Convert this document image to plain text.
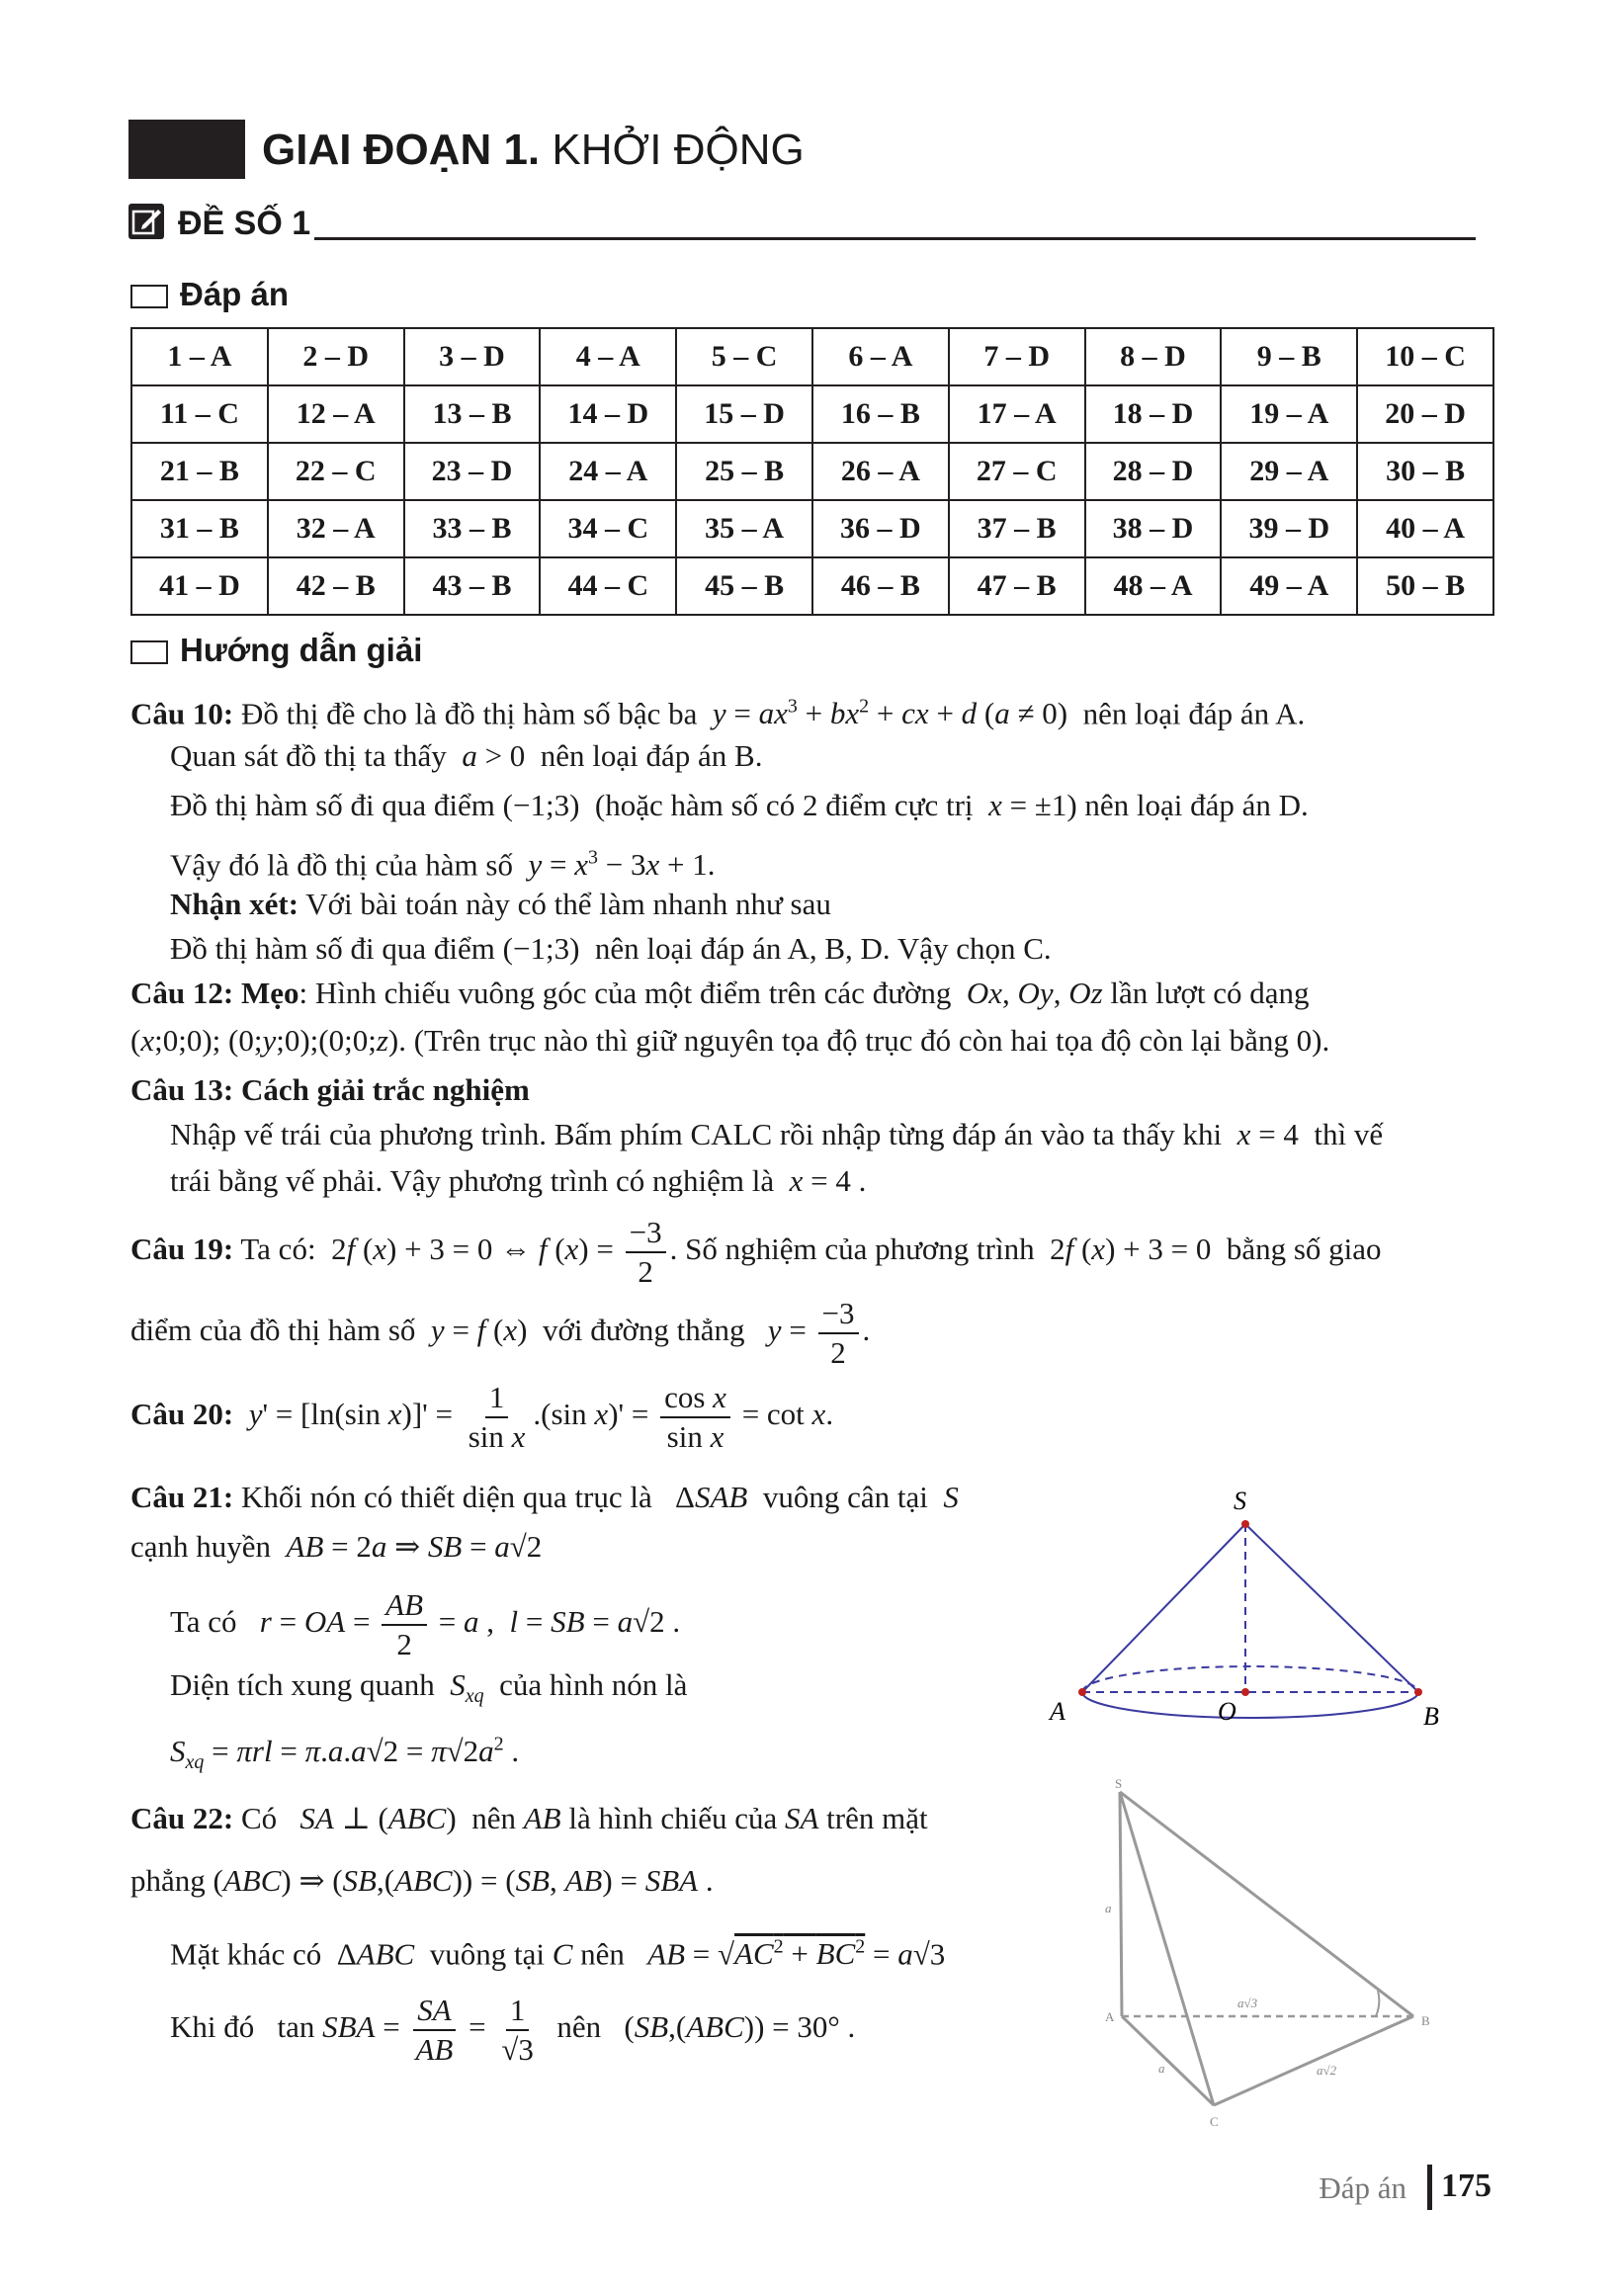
GIAI ĐOẠN 1. KHỞI ĐỘNG
ĐỀ SỐ 1
Đáp án
1 – A	2 – D	3 – D	4 – A	5 – C	6 – A	7 – D	8 – D	9 – B	10 – C
11 – C	12 – A	13 – B	14 – D	15 – D	16 – B	17 – A	18 – D	19 – A	20 – D
21 – B	22 – C	23 – D	24 – A	25 – B	26 – A	27 – C	28 – D	29 – A	30 – B
31 – B	32 – A	33 – B	34 – C	35 – A	36 – D	37 – B	38 – D	39 – D	40 – A
41 – D	42 – B	43 – B	44 – C	45 – B	46 – B	47 – B	48 – A	49 – A	50 – B
Hướng dẫn giải
Câu 10: Đồ thị đề cho là đồ thị hàm số bậc ba $y = ax^3 + bx^2$ + cx + d (a ≠ 0)  nên loại đáp án A.
Quan sát đồ thị ta thấy a > 0  nên loại đáp án B.
Đồ thị hàm số đi qua điểm (−1;3)  (hoặc hàm số có 2 điểm cực trị x = ±1) nên loại đáp án D.
Vậy đó là đồ thị của hàm số $y = x^3 - 3x + 1$.
Nhận xét: Với bài toán này có thể làm nhanh như sau
Đồ thị hàm số đi qua điểm (−1;3)  nên loại đáp án A, B, D. Vậy chọn C.
Câu 12: Mẹo: Hình chiếu vuông góc của một điểm trên các đường Ox, Oy, Oz lần lượt có dạng
(x;0;0); (0;y;0);(0;0;z). (Trên trục nào thì giữ nguyên tọa độ trục đó còn hai tọa độ còn lại bằng 0).
Câu 13: Cách giải trắc nghiệm
Nhập vế trái của phương trình. Bấm phím CALC rồi nhập từng đáp án vào ta thấy khi x = 4  thì vế
trái bằng vế phải. Vậy phương trình có nghiệm là x = 4 .
Câu 19: Ta có:  2f (x) + 3 = 0 ⇔ f $(x) = \frac{-3}{2}$ . Số nghiệm của phương trình  2f (x) + 3 = 0  bằng số giao
điểm của đồ thị hàm số y = f (x)  với đường thẳng $y = \frac{-3}{2}$ .
Câu 20: y' = [ln(sin $x)]' = \frac{1}{\text{sin x}} .(\sin$ $x)' = \frac{\text{cos x}}{\text{sin x}} = \cot x$.
Câu 21: Khối nón có thiết diện qua trục là   ΔSAB vuông cân tại S
cạnh huyền AB = 2a ⇒ SB = a√2
Ta có r = OA = $\frac{AB}{2} = a$ ,  l = SB = a√2 .
Diện tích xung quanh $S_{xq}$ của hình nón là
$S_{xq} = \pi rl = \pi.a.a√2 = \pi√2a^2$ .
S
A	O	B
Câu 22: Có SA ⊥ (ABC)  nên AB là hình chiếu của SA trên mặt
phẳng (ABC) ⇒ (SB,(ABC)) = (SB, AB) = SBA .
Mặt khác có  ΔABC vuông tại C nên AB = $√AC^2 + BC^2 = a√3$
Khi đó   tan SBA = $\frac{SA}{AB} = \frac{1}{√3}$ nên   (SB,(ABC)) = 30° .
S
A	B
C
a
a
a√3
a√2
Đáp án 175
